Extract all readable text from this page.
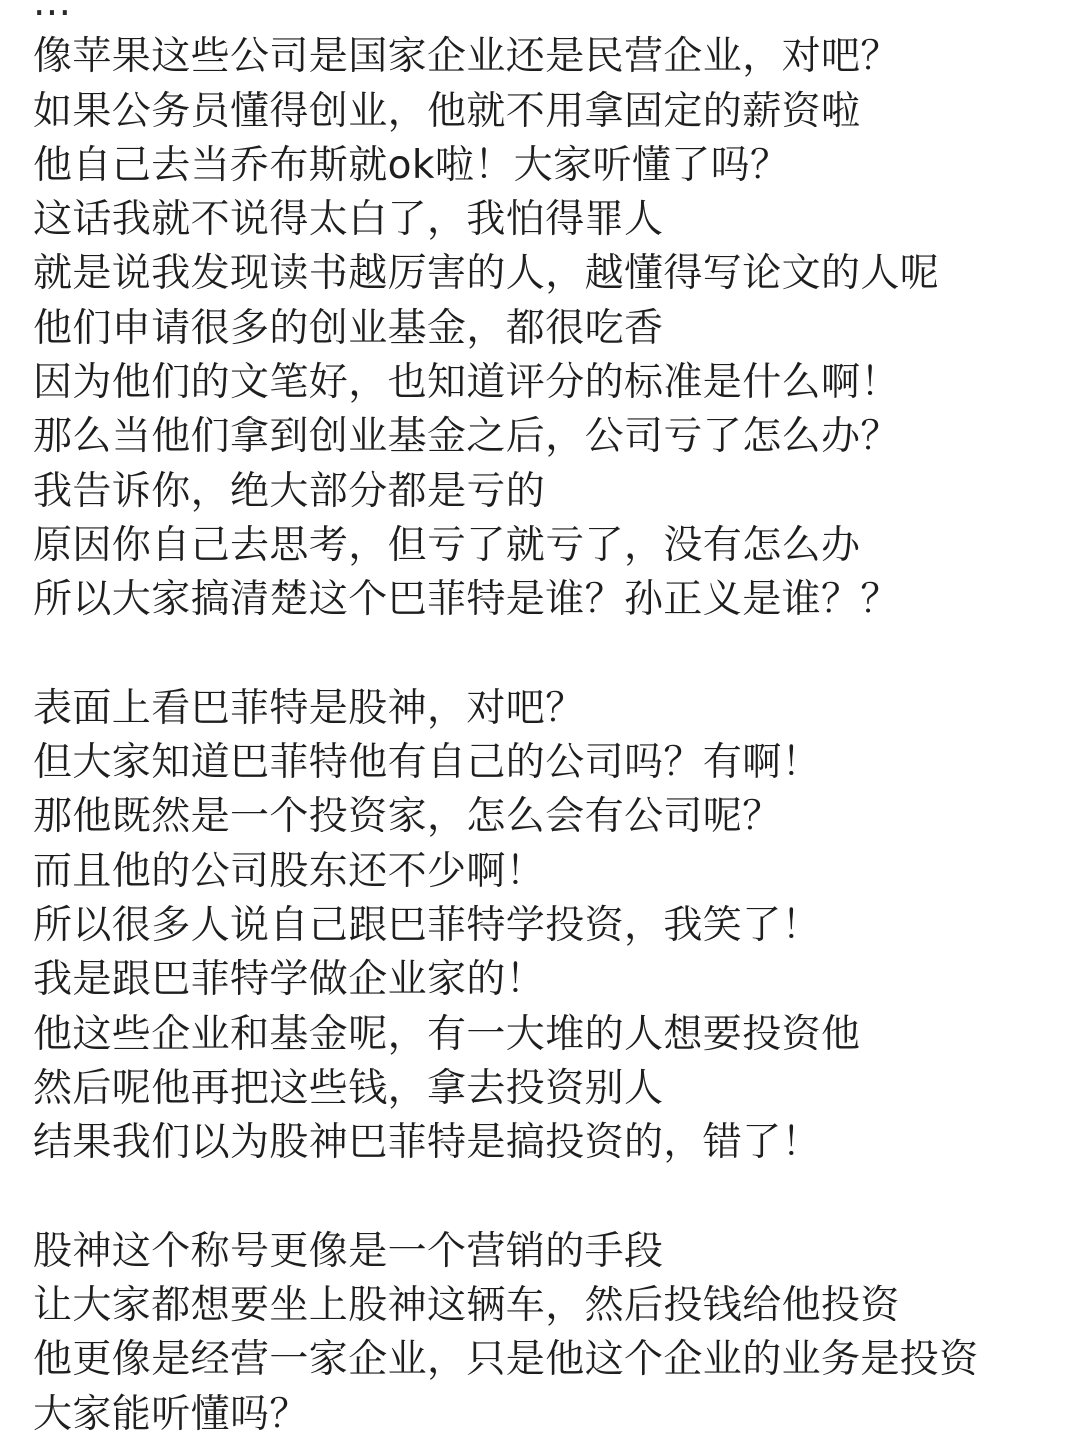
...
像苹果这些公司是国家企业还是民营企业，对吧？
如果公务员懂得创业，他就不用拿固定的薪资啦
他自己去当乔布斯就ok啦！大家听懂了吗？
这话我就不说得太白了，我怕得罪人
就是说我发现读书越厉害的人，越懂得写论文的人呢
他们申请很多的创业基金，都很吃香
因为他们的文笔好，也知道评分的标准是什么啊！
那么当他们拿到创业基金之后，公司亏了怎么办？
我告诉你，绝大部分都是亏的
原因你自己去思考，但亏了就亏了，没有怎么办
所以大家搞清楚这个巴菲特是谁？孙正义是谁？？
表面上看巴菲特是股神，对吧？
但大家知道巴菲特他有自己的公司吗？有啊！
那他既然是一个投资家，怎么会有公司呢？
而且他的公司股东还不少啊！
所以很多人说自己跟巴菲特学投资，我笑了！
我是跟巴菲特学做企业家的！
他这些企业和基金呢，有一大堆的人想要投资他
然后呢他再把这些钱，拿去投资别人
结果我们以为股神巴菲特是搞投资的，错了！
股神这个称号更像是一个营销的手段
让大家都想要坐上股神这辆车，然后投钱给他投资
他更像是经营一家企业，只是他这个企业的业务是投资
大家能听懂吗？
